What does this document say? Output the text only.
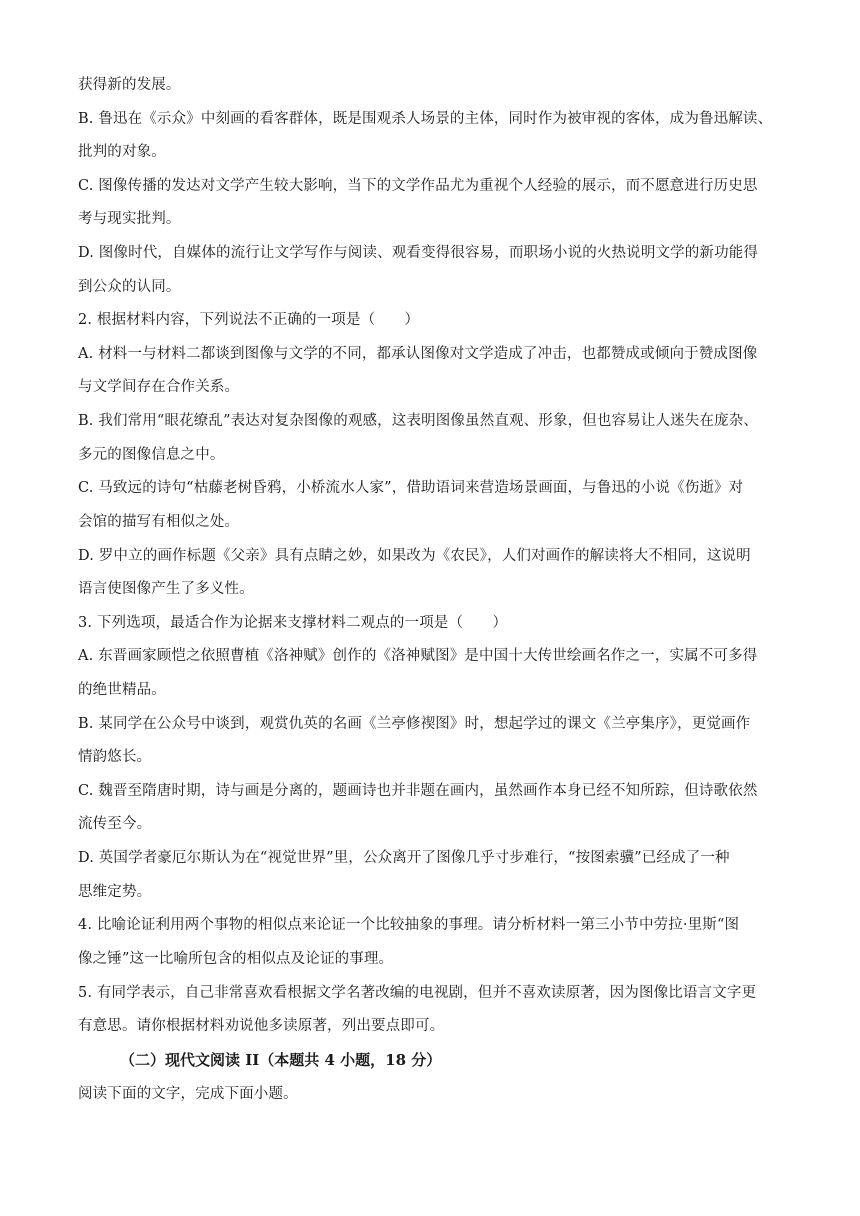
获得新的发展。
B. 鲁迅在《示众》中刻画的看客群体，既是围观杀人场景的主体，同时作为被审视的客体，成为鲁迅解读、
批判的对象。
C. 图像传播的发达对文学产生较大影响，当下的文学作品尤为重视个人经验的展示，而不愿意进行历史思
考与现实批判。
D. 图像时代，自媒体的流行让文学写作与阅读、观看变得很容易，而职场小说的火热说明文学的新功能得
到公众的认同。
2. 根据材料内容，下列说法不正确的一项是（　　）
A. 材料一与材料二都谈到图像与文学的不同，都承认图像对文学造成了冲击，也都赞成或倾向于赞成图像
与文学间存在合作关系。
B. 我们常用“眼花缭乱”表达对复杂图像的观感，这表明图像虽然直观、形象，但也容易让人迷失在庞杂、
多元的图像信息之中。
C. 马致远的诗句“枯藤老树昏鸦，小桥流水人家”，借助语词来营造场景画面，与鲁迅的小说《伤逝》对
会馆的描写有相似之处。
D. 罗中立的画作标题《父亲》具有点睛之妙，如果改为《农民》，人们对画作的解读将大不相同，这说明
语言使图像产生了多义性。
3. 下列选项，最适合作为论据来支撑材料二观点的一项是（　　）
A. 东晋画家顾恺之依照曹植《洛神赋》创作的《洛神赋图》是中国十大传世绘画名作之一，实属不可多得
的绝世精品。
B. 某同学在公众号中谈到，观赏仇英的名画《兰亭修禊图》时，想起学过的课文《兰亭集序》，更觉画作
情韵悠长。
C. 魏晋至隋唐时期，诗与画是分离的，题画诗也并非题在画内，虽然画作本身已经不知所踪，但诗歌依然
流传至今。
D. 英国学者豪厄尔斯认为在“视觉世界”里，公众离开了图像几乎寸步难行，“按图索骥”已经成了一种
思维定势。
4. 比喻论证利用两个事物的相似点来论证一个比较抽象的事理。请分析材料一第三小节中劳拉·里斯“图
像之锤”这一比喻所包含的相似点及论证的事理。
5. 有同学表示，自己非常喜欢看根据文学名著改编的电视剧，但并不喜欢读原著，因为图像比语言文字更
有意思。请你根据材料劝说他多读原著，列出要点即可。
（二）现代文阅读 II（本题共 4 小题，18 分）
阅读下面的文字，完成下面小题。
